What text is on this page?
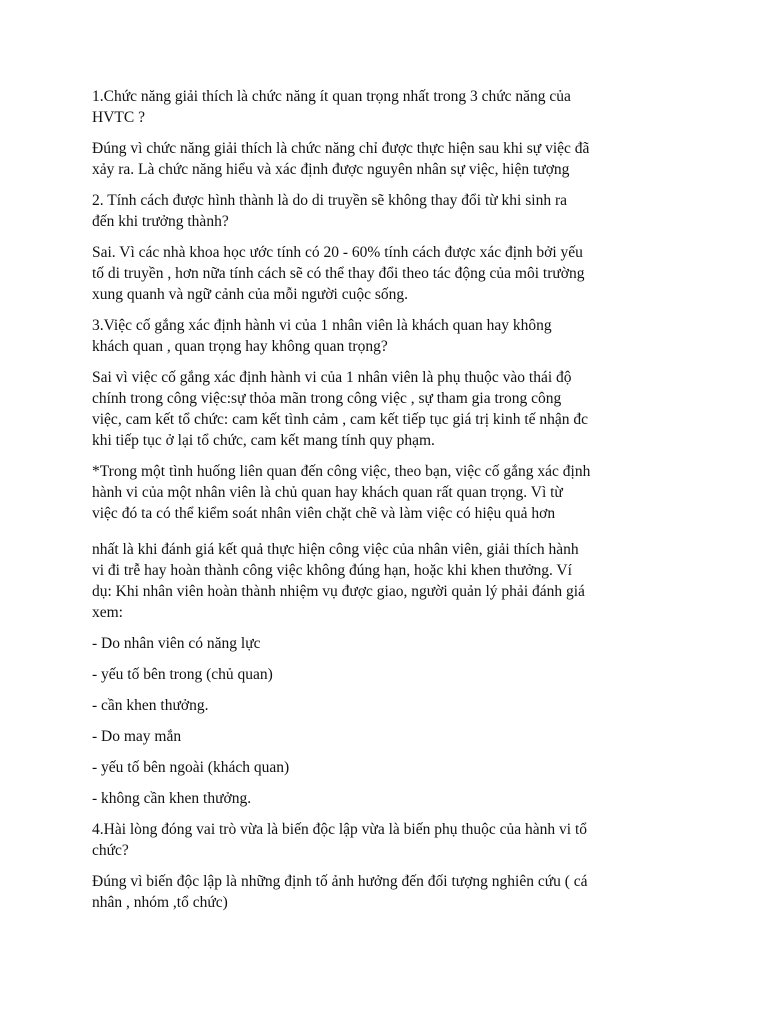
1.Chức năng giải thích là chức năng ít quan trọng nhất trong 3 chức năng của
HVTC ?

Đúng vì chức năng giải thích là chức năng chỉ được thực hiện sau khi sự việc đã
xảy ra. Là chức năng hiểu và xác định được nguyên nhân sự việc, hiện tượng

2. Tính cách được hình thành là do di truyền sẽ không thay đổi từ khi sinh ra
đến khi trưởng thành?

Sai. Vì các nhà khoa học ước tính có 20 - 60% tính cách được xác định bởi yếu
tố di truyền , hơn nữa tính cách sẽ có thể thay đổi theo tác động của môi trường
xung quanh và ngữ cảnh của mỗi người cuộc sống.

3.Việc cố gắng xác định hành vi của 1 nhân viên là khách quan hay không
khách quan , quan trọng hay không quan trọng?

Sai vì việc cố gắng xác định hành vi của 1 nhân viên là phụ thuộc vào thái độ
chính trong công việc:sự thỏa mãn trong công việc , sự tham gia trong công
việc, cam kết tổ chức: cam kết tình cảm , cam kết tiếp tục giá trị kinh tế nhận đc
khi tiếp tục ở lại tổ chức, cam kết mang tính quy phạm.

*Trong một tình huống liên quan đến công việc, theo bạn, việc cố gắng xác định
hành vi của một nhân viên là chủ quan hay khách quan rất quan trọng. Vì từ
việc đó ta có thể kiểm soát nhân viên chặt chẽ và làm việc có hiệu quả hơn

nhất là khi đánh giá kết quả thực hiện công việc của nhân viên, giải thích hành
vi đi trễ hay hoàn thành công việc không đúng hạn, hoặc khi khen thưởng. Ví
dụ: Khi nhân viên hoàn thành nhiệm vụ được giao, người quản lý phải đánh giá
xem:

- Do nhân viên có năng lực

- yếu tố bên trong (chủ quan)

- cần khen thưởng.

- Do may mắn

- yếu tố bên ngoài (khách quan)

- không cần khen thưởng.

4.Hài lòng đóng vai trò vừa là biến độc lập vừa là biến phụ thuộc của hành vi tổ
chức?

Đúng vì biến độc lập là những định tố ảnh hưởng đến đối tượng nghiên cứu ( cá
nhân , nhóm ,tổ chức)
